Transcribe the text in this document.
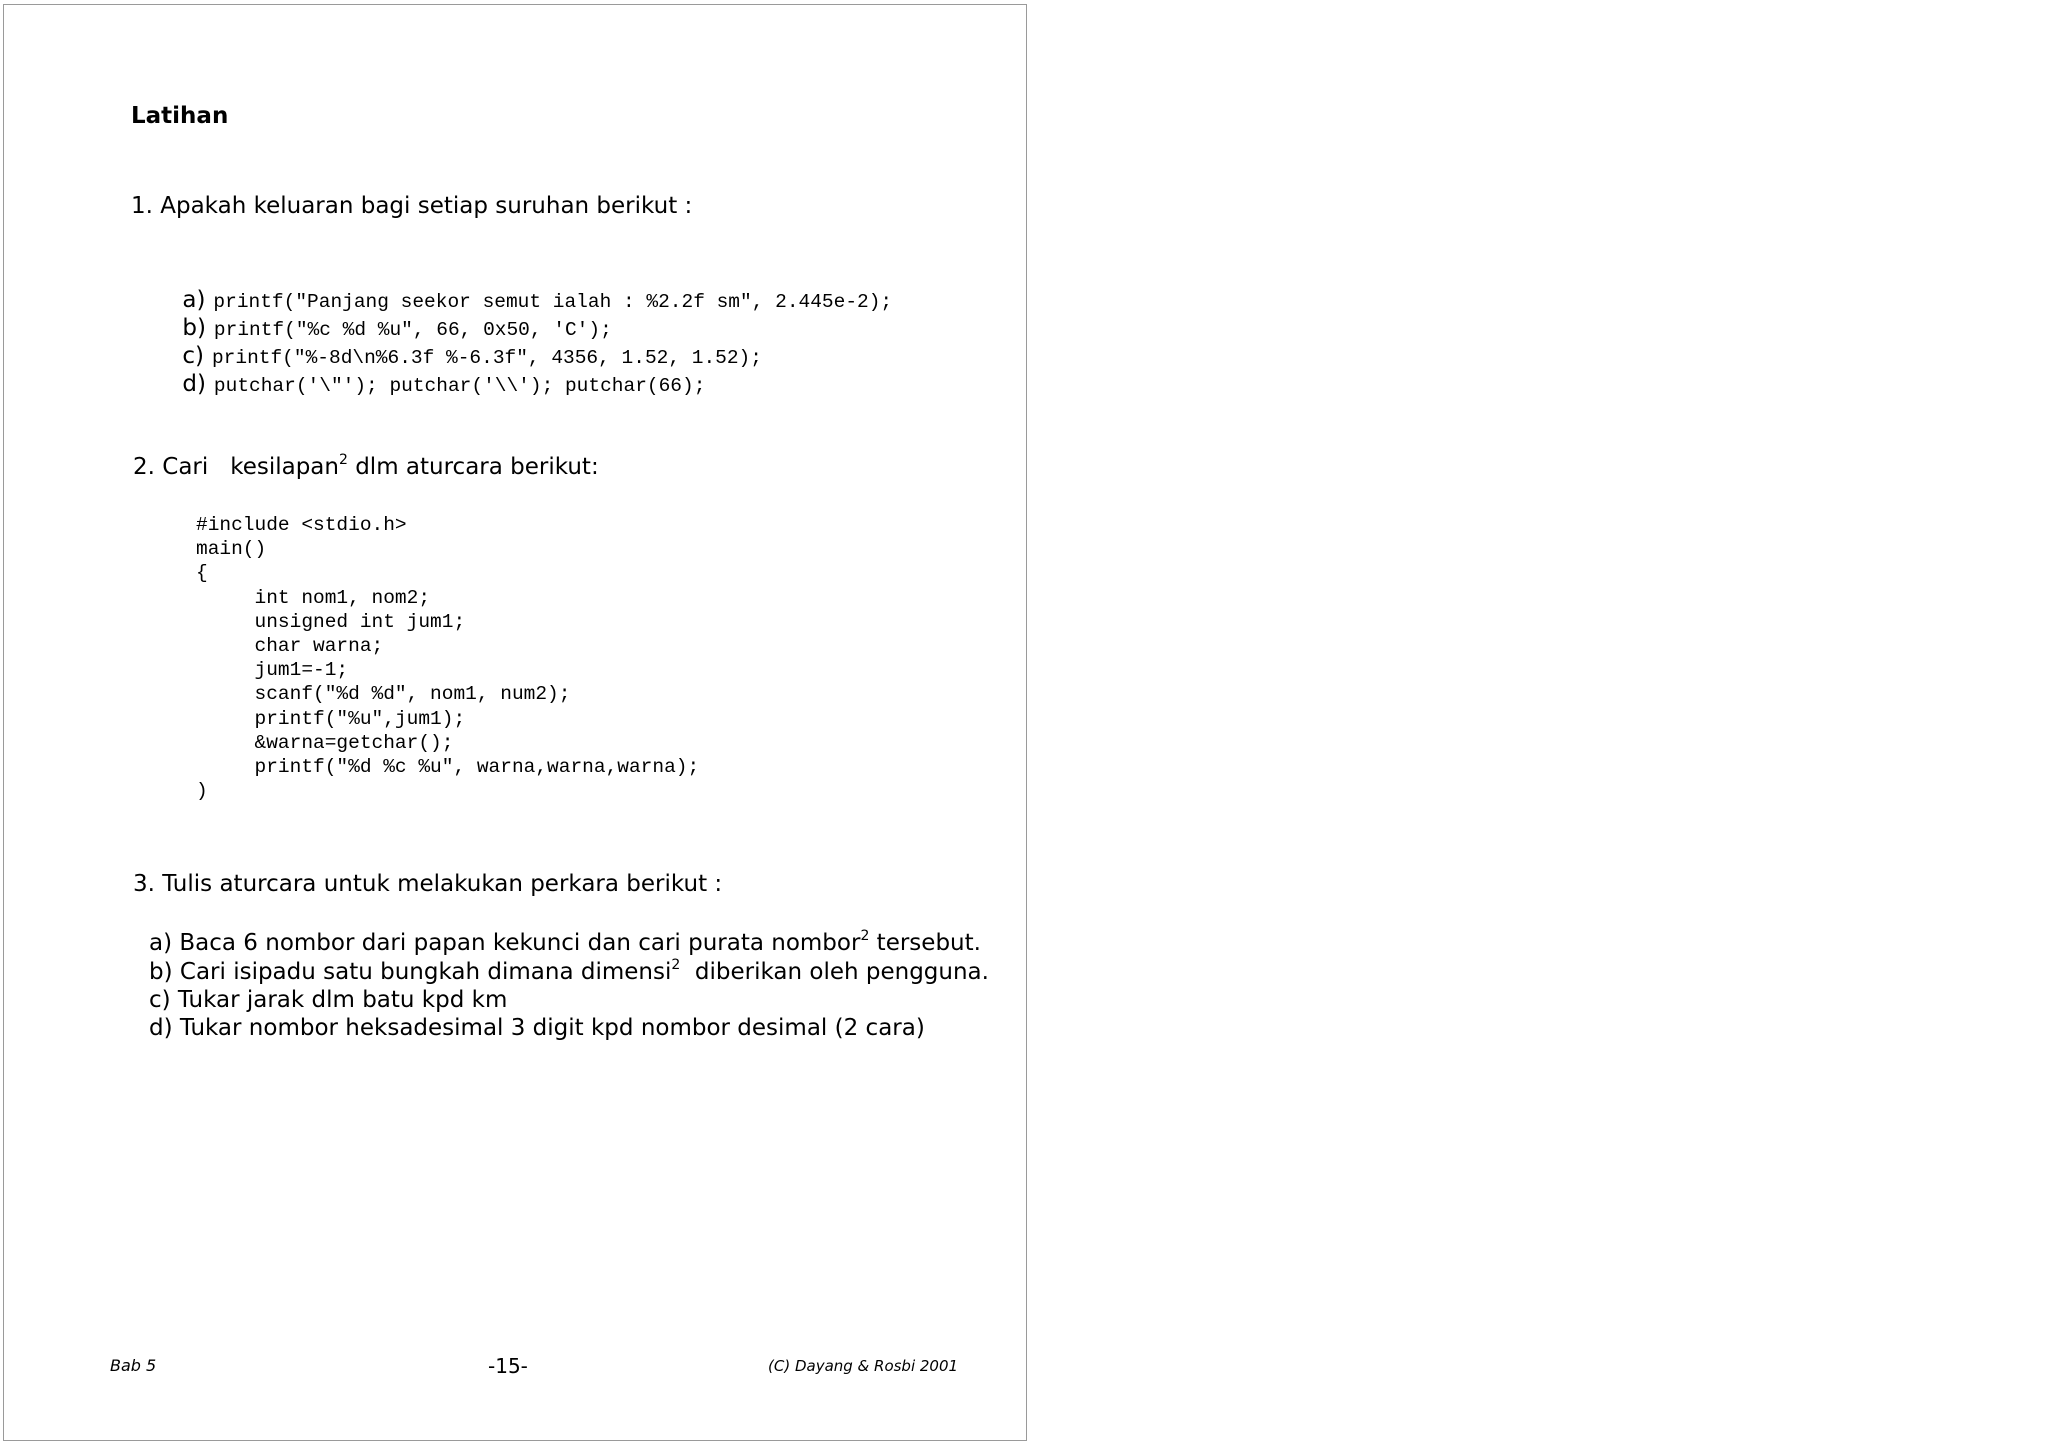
Latihan
1. Apakah keluaran bagi setiap suruhan berikut :

a) printf("Panjang seekor semut ialah : %2.2f sm", 2.445e-2);

b) printf("%c %d %u", 66, 0x50, 'C');

c) printf("%-8d\n%6.3f %-6.3f", 4356, 1.52, 1.52);

d) putchar('\"'); putchar('\\'); putchar(66);

2. Cari   kesilapan$^2$ dlm aturcara berikut:
#include <stdio.h>
main()
{
int nom1, nom2;
unsigned int jum1;
char warna;
jum1=-1;
scanf("%d %d", nom1, num2);
printf("%u",jum1);
&warna=getchar();
printf("%d %c %u", warna,warna,warna);
)
3. Tulis aturcara untuk melakukan perkara berikut :
a) Baca 6 nombor dari papan kekunci dan cari purata nombor$^2$ tersebut.
b) Cari isipadu satu bungkah dimana dimensi$^2$  diberikan oleh pengguna.
c) Tukar jarak dlm batu kpd km
d) Tukar nombor heksadesimal 3 digit kpd nombor desimal (2 cara)
Bab 5	-15-	(C) Dayang & Rosbi 2001
